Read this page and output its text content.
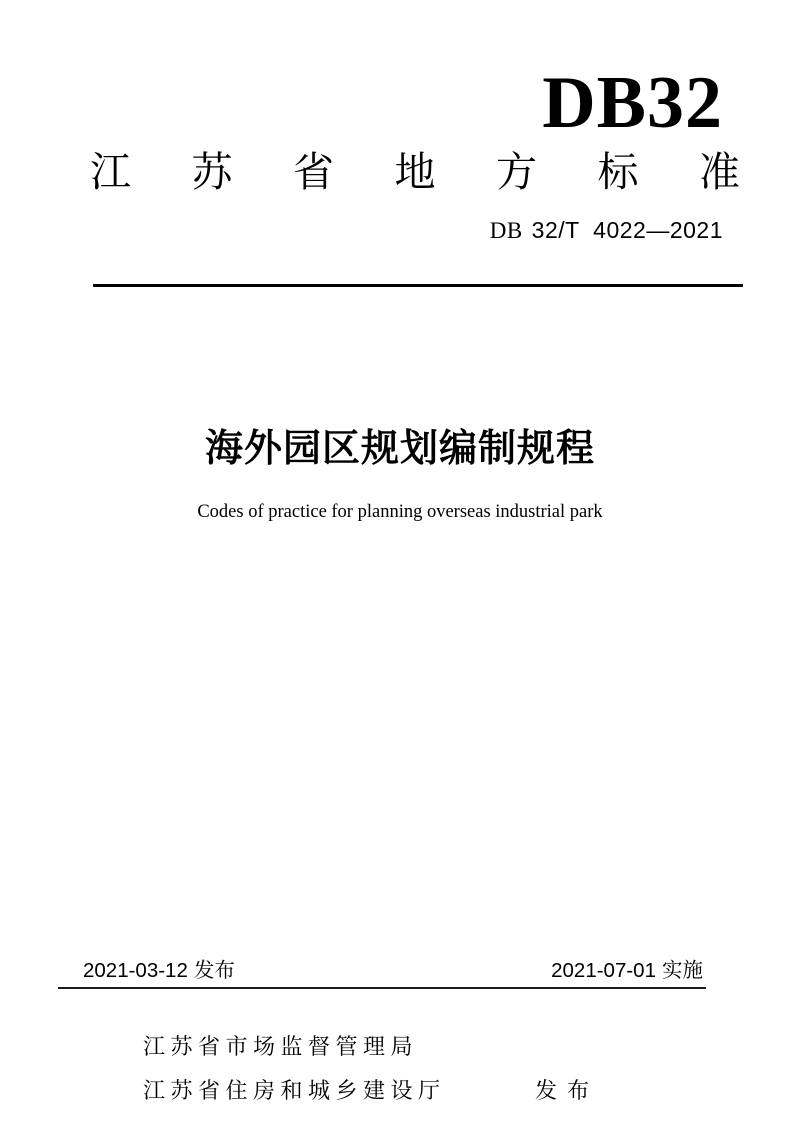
DB32
江 苏 省 地 方 标 准
DB 32/T 4022—2021
海外园区规划编制规程
Codes of practice for planning overseas industrial park
2021-03-12 发布	2021-07-01 实施
江苏省市场监督管理局
江苏省住房和城乡建设厅	发 布
